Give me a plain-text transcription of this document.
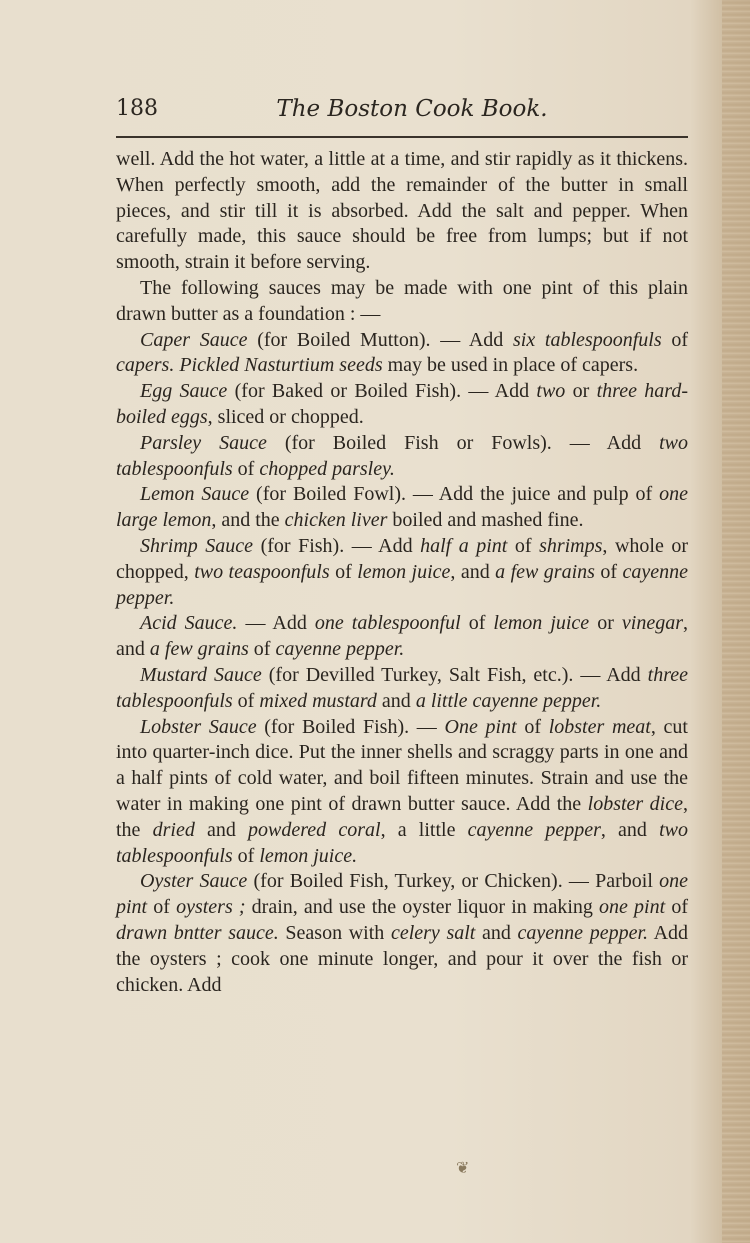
188	The Boston Cook Book.

well. Add the hot water, a little at a time, and stir rapidly as it thickens. When perfectly smooth, add the remainder of the butter in small pieces, and stir till it is absorbed. Add the salt and pepper. When carefully made, this sauce should be free from lumps; but if not smooth, strain it before serving.

The following sauces may be made with one pint of this plain drawn butter as a foundation : —

Caper Sauce (for Boiled Mutton). — Add six tablespoonfuls of capers. Pickled Nasturtium seeds may be used in place of capers.

Egg Sauce (for Baked or Boiled Fish). — Add two or three hard-boiled eggs, sliced or chopped.

Parsley Sauce (for Boiled Fish or Fowls). — Add two tablespoonfuls of chopped parsley.

Lemon Sauce (for Boiled Fowl). — Add the juice and pulp of one large lemon, and the chicken liver boiled and mashed fine.

Shrimp Sauce (for Fish). — Add half a pint of shrimps, whole or chopped, two teaspoonfuls of lemon juice, and a few grains of cayenne pepper.

Acid Sauce. — Add one tablespoonful of lemon juice or vinegar, and a few grains of cayenne pepper.

Mustard Sauce (for Devilled Turkey, Salt Fish, etc.). — Add three tablespoonfuls of mixed mustard and a little cayenne pepper.

Lobster Sauce (for Boiled Fish). — One pint of lobster meat, cut into quarter-inch dice. Put the inner shells and scraggy parts in one and a half pints of cold water, and boil fifteen minutes. Strain and use the water in making one pint of drawn butter sauce. Add the lobster dice, the dried and powdered coral, a little cayenne pepper, and two tablespoonfuls of lemon juice.

Oyster Sauce (for Boiled Fish, Turkey, or Chicken). — Parboil one pint of oysters ; drain, and use the oyster liquor in making one pint of drawn bntter sauce. Season with celery salt and cayenne pepper. Add the oysters ; cook one minute longer, and pour it over the fish or chicken. Add

❦
